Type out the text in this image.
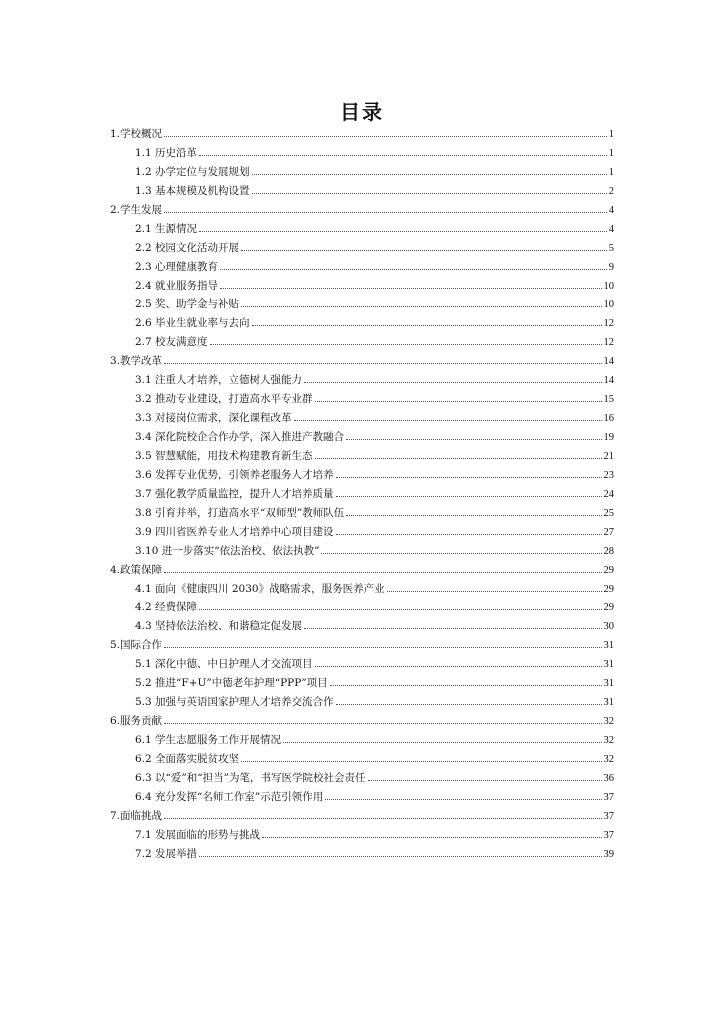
目录
1.学校概况	1
1.1 历史沿革	1
1.2 办学定位与发展规划	1
1.3 基本规模及机构设置	2
2.学生发展	4
2.1 生源情况	4
2.2 校园文化活动开展	5
2.3 心理健康教育	9
2.4 就业服务指导	10
2.5 奖、助学金与补贴	10
2.6 毕业生就业率与去向	12
2.7 校友满意度	12
3.教学改革	14
3.1 注重人才培养，立德树人强能力	14
3.2 推动专业建设，打造高水平专业群	15
3.3 对接岗位需求，深化课程改革	16
3.4 深化院校企合作办学，深入推进产教融合	19
3.5 智慧赋能，用技术构建教育新生态	21
3.6 发挥专业优势，引领养老服务人才培养	23
3.7 强化教学质量监控，提升人才培养质量	24
3.8 引育并举，打造高水平“双师型”教师队伍	25
3.9 四川省医养专业人才培养中心项目建设	27
3.10 进一步落实“依法治校、依法执教”	28
4.政策保障	29
4.1 面向《健康四川 2030》战略需求，服务医养产业	29
4.2 经费保障	29
4.3 坚持依法治校、和谐稳定促发展	30
5.国际合作	31
5.1 深化中德、中日护理人才交流项目	31
5.2 推进“F+U”中德老年护理“PPP”项目	31
5.3 加强与英语国家护理人才培养交流合作	31
6.服务贡献	32
6.1 学生志愿服务工作开展情况	32
6.2 全面落实脱贫攻坚	32
6.3 以“爱”和“担当”为笔，书写医学院校社会责任	36
6.4 充分发挥“名师工作室”示范引领作用	37
7.面临挑战	37
7.1 发展面临的形势与挑战	37
7.2 发展举措	39
